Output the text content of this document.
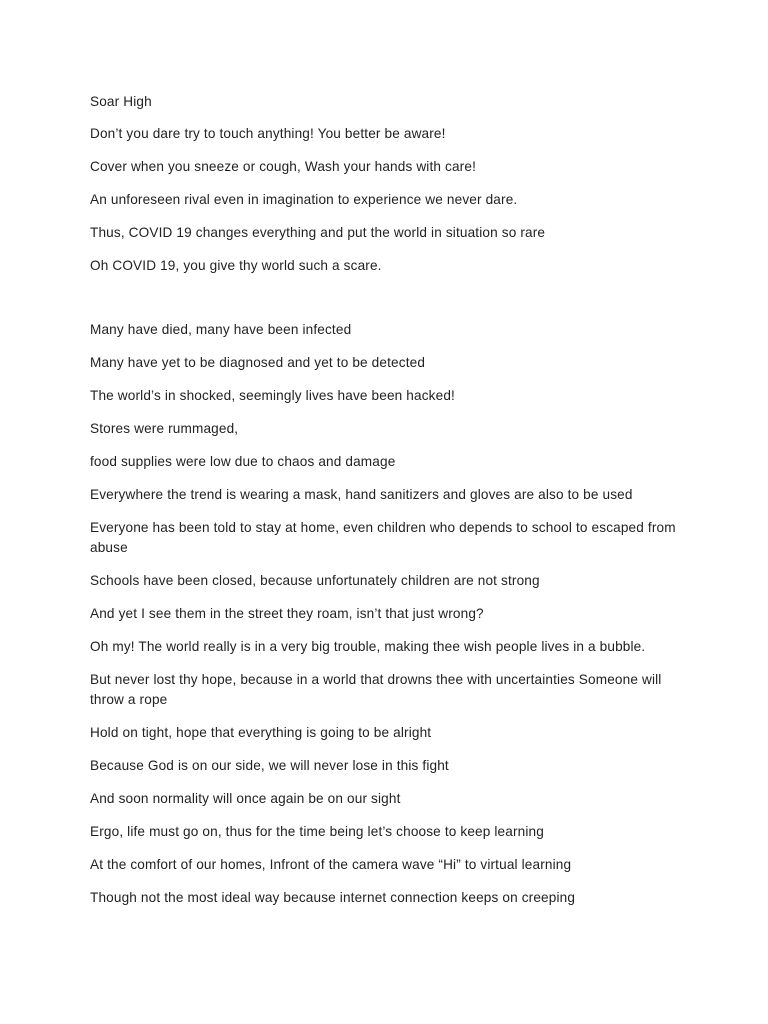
Soar High
Don’t you dare try to touch anything! You better be aware!
Cover when you sneeze or cough, Wash your hands with care!
An unforeseen rival even in imagination to experience we never dare.
Thus, COVID 19 changes everything and put the world in situation so rare
Oh COVID 19, you give thy world such a scare.
Many have died, many have been infected
Many have yet to be diagnosed and yet to be detected
The world’s in shocked, seemingly lives have been hacked!
Stores were rummaged,
food supplies were low due to chaos and damage
Everywhere the trend is wearing a mask, hand sanitizers and gloves are also to be used
Everyone has been told to stay at home, even children who depends to school to escaped from abuse
Schools have been closed, because unfortunately children are not strong
And yet I see them in the street they roam, isn’t that just wrong?
Oh my! The world really is in a very big trouble, making thee wish people lives in a bubble.
But never lost thy hope, because in a world that drowns thee with uncertainties Someone will throw a rope
Hold on tight, hope that everything is going to be alright
Because God is on our side, we will never lose in this fight
And soon normality will once again be on our sight
Ergo, life must go on, thus for the time being let’s choose to keep learning
At the comfort of our homes, Infront of the camera wave “Hi” to virtual learning
Though not the most ideal way because internet connection keeps on creeping
